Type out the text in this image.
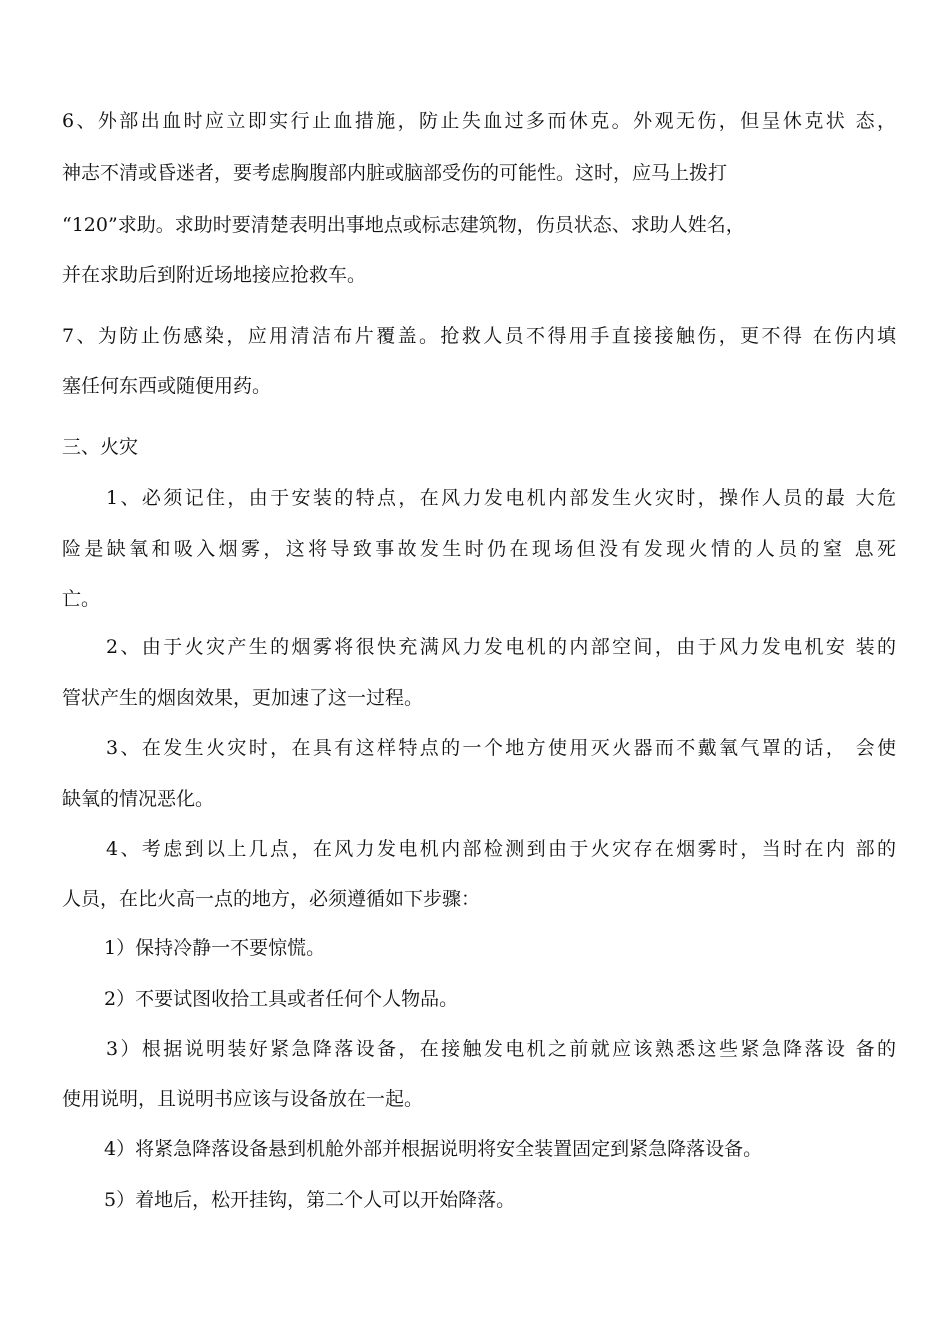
6、外部出血时应立即实行止血措施，防止失血过多而休克。外观无伤，但呈休克状 态，
神志不清或昏迷者，要考虑胸腹部内脏或脑部受伤的可能性。这时，应马上拨打
“120”求助。求助时要清楚表明出事地点或标志建筑物，伤员状态、求助人姓名，
并在求助后到附近场地接应抢救车。
7、为防止伤感染，应用清洁布片覆盖。抢救人员不得用手直接接触伤，更不得 在伤内填
塞任何东西或随便用药。
三、火灾
1、必须记住，由于安装的特点，在风力发电机内部发生火灾时，操作人员的最 大危
险是缺氧和吸入烟雾，这将导致事故发生时仍在现场但没有发现火情的人员的窒 息死
亡。
2、由于火灾产生的烟雾将很快充满风力发电机的内部空间，由于风力发电机安 装的
管状产生的烟囱效果，更加速了这一过程。
3、在发生火灾时，在具有这样特点的一个地方使用灭火器而不戴氧气罩的话， 会使
缺氧的情况恶化。
4、考虑到以上几点，在风力发电机内部检测到由于火灾存在烟雾时，当时在内 部的
人员，在比火高一点的地方，必须遵循如下步骤：
1）保持冷静一不要惊慌。
2）不要试图收拾工具或者任何个人物品。
3）根据说明装好紧急降落设备，在接触发电机之前就应该熟悉这些紧急降落设 备的
使用说明，且说明书应该与设备放在一起。
4）将紧急降落设备悬到机舱外部并根据说明将安全装置固定到紧急降落设备。
5）着地后，松开挂钩，第二个人可以开始降落。
